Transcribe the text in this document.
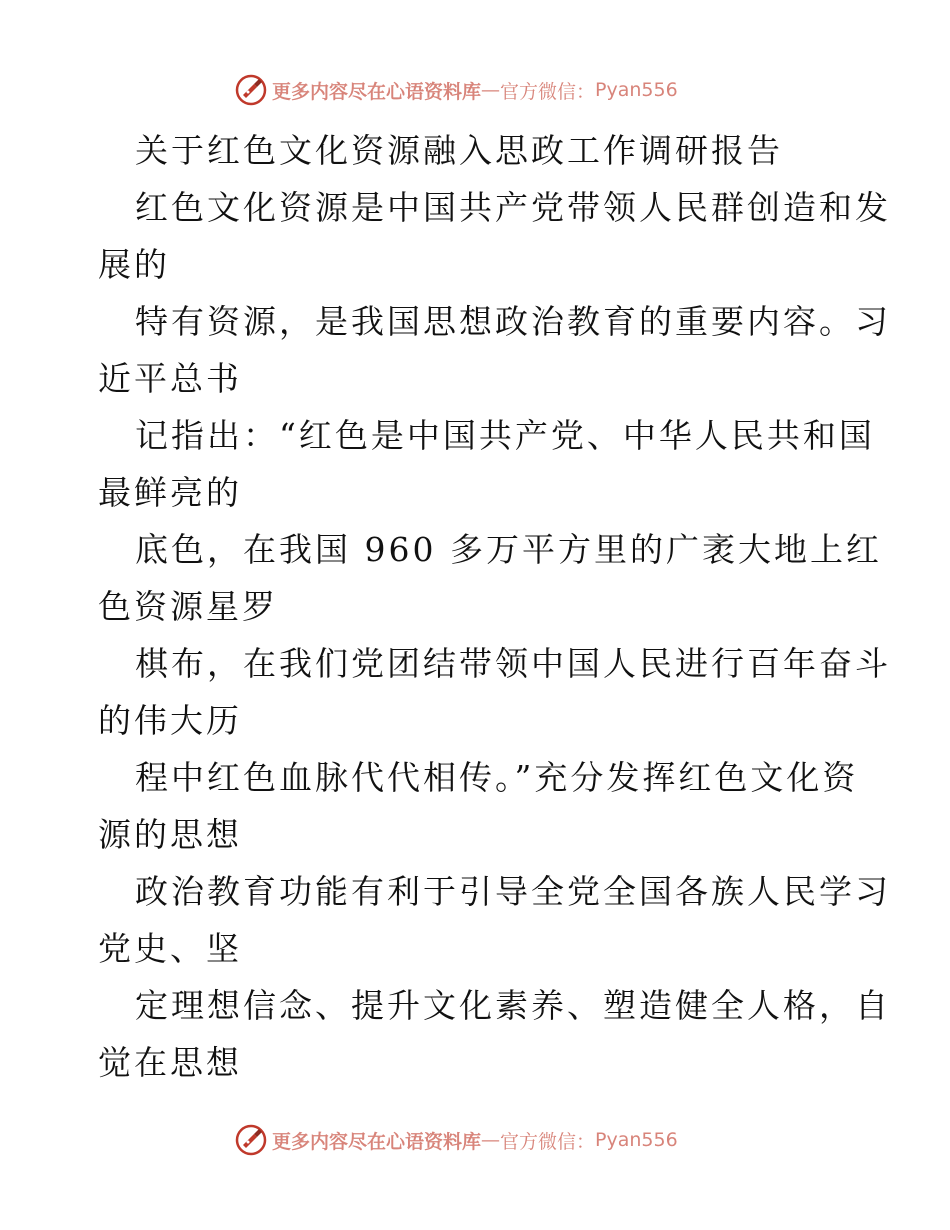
更多内容尽在心语资料库 — 官方微信： Pyan556
关于红色文化资源融入思政工作调研报告
红色文化资源是中国共产党带领人民群创造和发
展的
特有资源，是我国思想政治教育的重要内容。习
近平总书
记指出：“红色是中国共产党、中华人民共和国
最鲜亮的
底色，在我国 960 多万平方里的广袤大地上红
色资源星罗
棋布，在我们党团结带领中国人民进行百年奋斗
的伟大历
程中红色血脉代代相传。”充分发挥红色文化资
源的思想
政治教育功能有利于引导全党全国各族人民学习
党史、坚
定理想信念、提升文化素养、塑造健全人格，自
觉在思想
更多内容尽在心语资料库 — 官方微信： Pyan556
